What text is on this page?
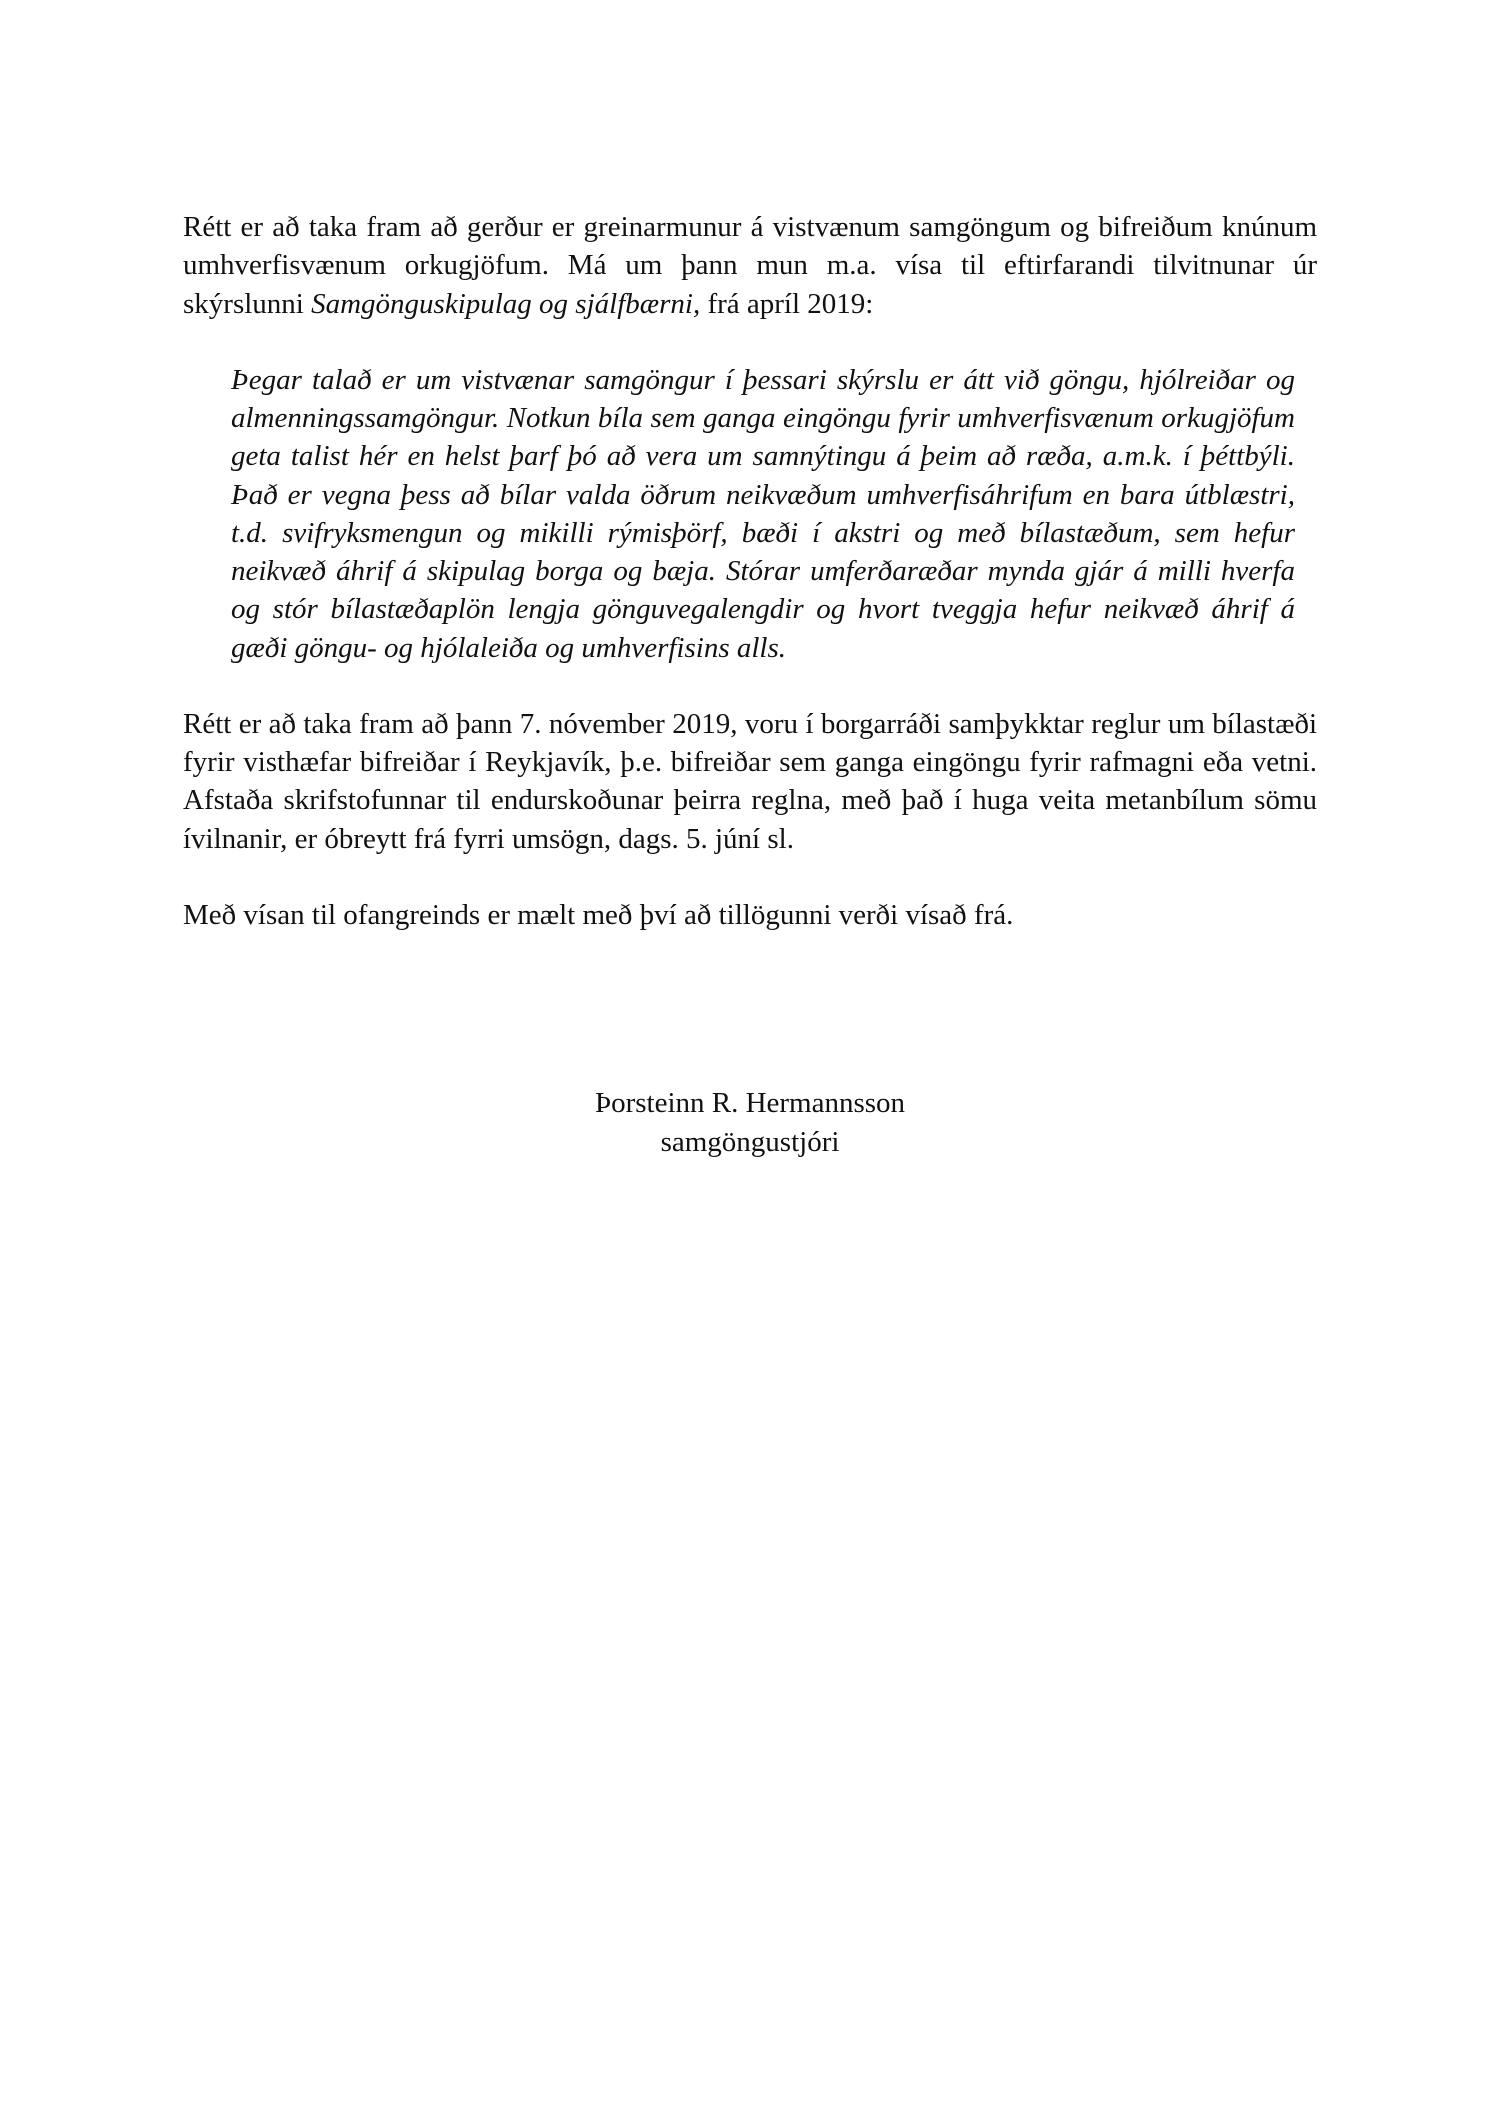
Rétt er að taka fram að gerður er greinarmunur á vistvænum samgöngum og bifreiðum knúnum umhverfisvænum orkugjöfum. Má um þann mun m.a. vísa til eftirfarandi tilvitnunar úr skýrslunni Samgönguskipulag og sjálfbærni, frá apríl 2019:

Þegar talað er um vistvænar samgöngur í þessari skýrslu er átt við göngu, hjólreiðar og almenningssamgöngur. Notkun bíla sem ganga eingöngu fyrir umhverfisvænum orkugjöfum geta talist hér en helst þarf þó að vera um samnýtingu á þeim að ræða, a.m.k. í þéttbýli. Það er vegna þess að bílar valda öðrum neikvæðum umhverfisáhrifum en bara útblæstri, t.d. svifryksmengun og mikilli rýmisþörf, bæði í akstri og með bílastæðum, sem hefur neikvæð áhrif á skipulag borga og bæja. Stórar umferðaræðar mynda gjár á milli hverfa og stór bílastæðaplön lengja gönguvegalengdir og hvort tveggja hefur neikvæð áhrif á gæði göngu- og hjólaleiða og umhverfisins alls.

Rétt er að taka fram að þann 7. nóvember 2019, voru í borgarráði samþykktar reglur um bílastæði fyrir visthæfar bifreiðar í Reykjavík, þ.e. bifreiðar sem ganga eingöngu fyrir rafmagni eða vetni. Afstaða skrifstofunnar til endurskoðunar þeirra reglna, með það í huga veita metanbílum sömu ívilnanir, er óbreytt frá fyrri umsögn, dags. 5. júní sl.

Með vísan til ofangreinds er mælt með því að tillögunni verði vísað frá.

Þorsteinn R. Hermannsson
samgöngustjóri
